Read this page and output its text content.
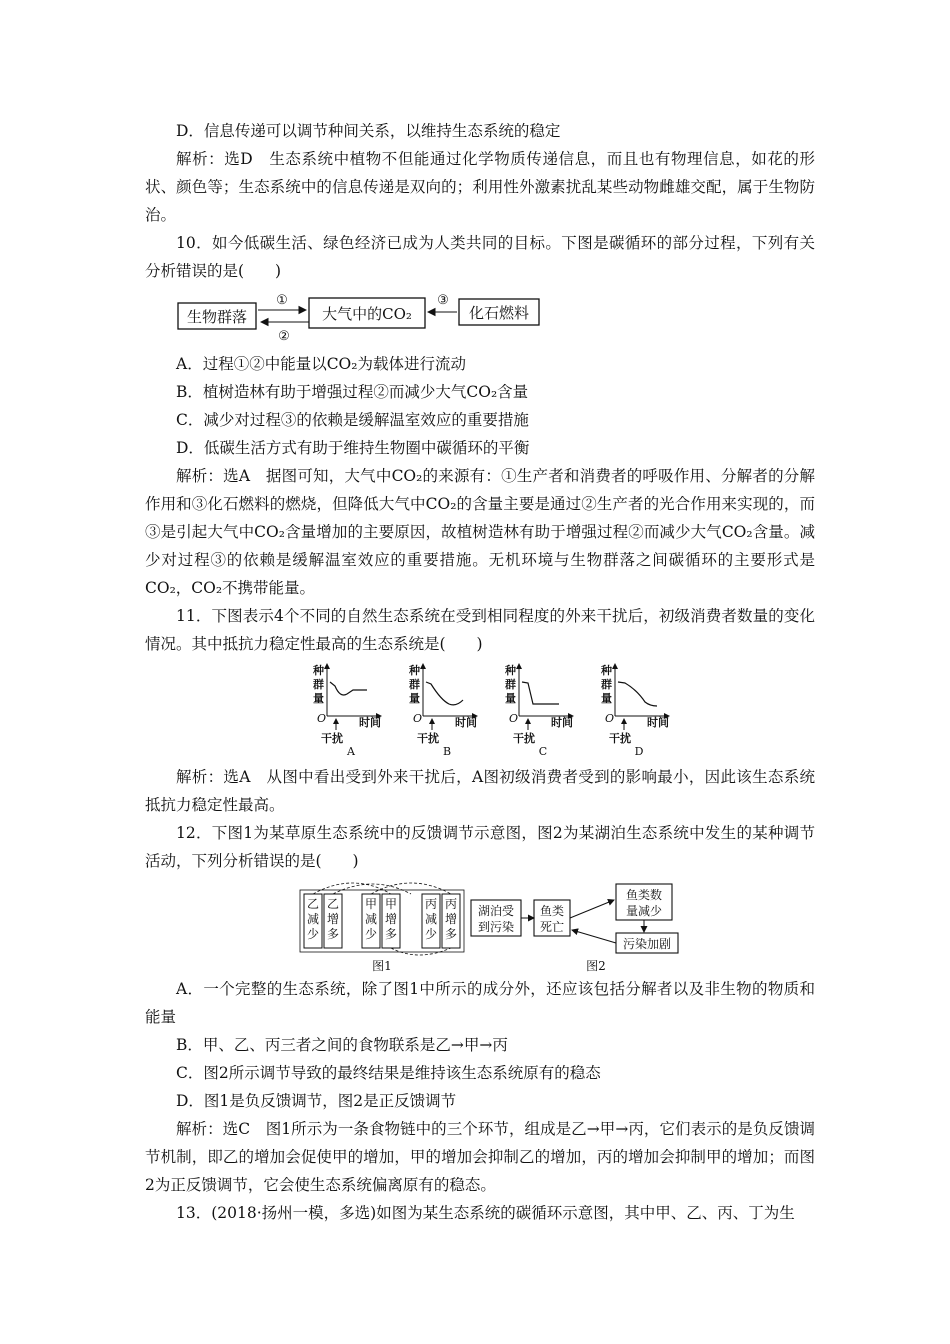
D．信息传递可以调节种间关系，以维持生态系统的稳定

解析：选D　生态系统中植物不但能通过化学物质传递信息，而且也有物理信息，如花的形状、颜色等；生态系统中的信息传递是双向的；利用性外激素扰乱某些动物雌雄交配，属于生物防治。

10．如今低碳生活、绿色经济已成为人类共同的目标。下图是碳循环的部分过程，下列有关分析错误的是(　　)

生物群落	大气中的CO₂	化石燃料
①
②
③

A．过程①②中能量以CO₂为载体进行流动

B．植树造林有助于增强过程②而减少大气CO₂含量

C．减少对过程③的依赖是缓解温室效应的重要措施

D．低碳生活方式有助于维持生物圈中碳循环的平衡

解析：选A　据图可知，大气中CO₂的来源有：①生产者和消费者的呼吸作用、分解者的分解作用和③化石燃料的燃烧，但降低大气中CO₂的含量主要是通过②生产者的光合作用来实现的，而③是引起大气中CO₂含量增加的主要原因，故植树造林有助于增强过程②而减少大气CO₂含量。减少对过程③的依赖是缓解温室效应的重要措施。无机环境与生物群落之间碳循环的主要形式是CO₂，CO₂不携带能量。

11．下图表示4个不同的自然生态系统在受到相同程度的外来干扰后，初级消费者数量的变化情况。其中抵抗力稳定性最高的生态系统是(　　)

种
群
量
O	时间
干扰
A
种
群
量
O	时间
干扰
B
种
群
量
O	时间
干扰
C
种
群
量
O	时间
干扰
D

解析：选A　从图中看出受到外来干扰后，A图初级消费者受到的影响最小，因此该生态系统抵抗力稳定性最高。

12．下图1为某草原生态系统中的反馈调节示意图，图2为某湖泊生态系统中发生的某种调节活动，下列分析错误的是(　　)

乙
减
少
乙
增
多
甲
减
少
甲
增
多
丙
减
少
丙
增
多
图1
湖泊受
到污染
鱼类
死亡
鱼类数
量减少
污染加剧
图2

A．一个完整的生态系统，除了图1中所示的成分外，还应该包括分解者以及非生物的物质和能量

B．甲、乙、丙三者之间的食物联系是乙→甲→丙

C．图2所示调节导致的最终结果是维持该生态系统原有的稳态

D．图1是负反馈调节，图2是正反馈调节

解析：选C　图1所示为一条食物链中的三个环节，组成是乙→甲→丙，它们表示的是负反馈调节机制，即乙的增加会促使甲的增加，甲的增加会抑制乙的增加，丙的增加会抑制甲的增加；而图2为正反馈调节，它会使生态系统偏离原有的稳态。

13．(2018·扬州一模，多选)如图为某生态系统的碳循环示意图，其中甲、乙、丙、丁为生
